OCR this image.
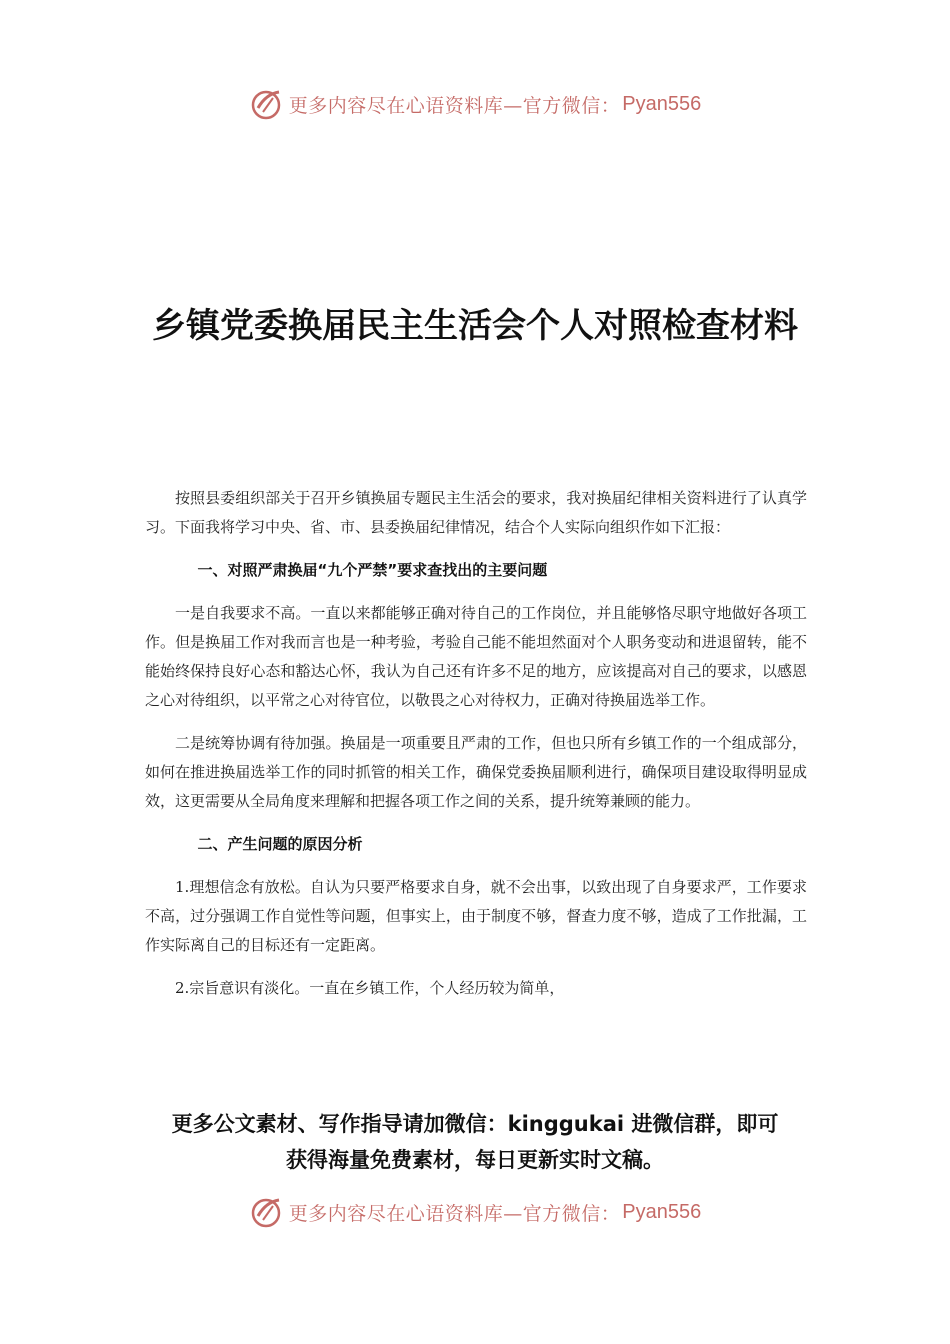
更多内容尽在心语资料库—官方微信： Pyan556
乡镇党委换届民主生活会个人对照检查材料

按照县委组织部关于召开乡镇换届专题民主生活会的要求，我对换届纪律相关资料进行了认真学习。下面我将学习中央、省、市、县委换届纪律情况，结合个人实际向组织作如下汇报：

一、对照严肃换届“九个严禁”要求查找出的主要问题

一是自我要求不高。一直以来都能够正确对待自己的工作岗位，并且能够恪尽职守地做好各项工作。但是换届工作对我而言也是一种考验，考验自己能不能坦然面对个人职务变动和进退留转，能不能始终保持良好心态和豁达心怀，我认为自己还有许多不足的地方，应该提高对自己的要求，以感恩之心对待组织，以平常之心对待官位，以敬畏之心对待权力，正确对待换届选举工作。

二是统筹协调有待加强。换届是一项重要且严肃的工作，但也只所有乡镇工作的一个组成部分，如何在推进换届选举工作的同时抓管的相关工作，确保党委换届顺利进行，确保项目建设取得明显成效，这更需要从全局角度来理解和把握各项工作之间的关系，提升统筹兼顾的能力。

二、产生问题的原因分析

1.理想信念有放松。自认为只要严格要求自身，就不会出事，以致出现了自身要求严，工作要求不高，过分强调工作自觉性等问题，但事实上，由于制度不够，督查力度不够，造成了工作批漏，工作实际离自己的目标还有一定距离。

2.宗旨意识有淡化。一直在乡镇工作，个人经历较为简单，

更多公文素材、写作指导请加微信：kinggukai 进微信群，即可
获得海量免费素材，每日更新实时文稿。
更多内容尽在心语资料库—官方微信： Pyan556
